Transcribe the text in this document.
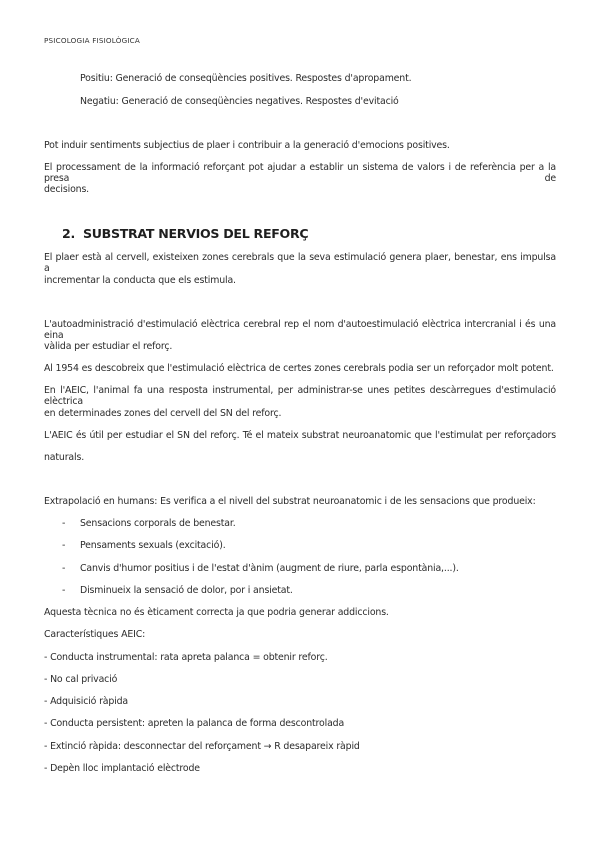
PSICOLOGIA FISIOLÒGICA
Positiu: Generació de conseqüències positives. Respostes d'apropament.
Negatiu: Generació de conseqüències negatives. Respostes d'evitació
Pot induir sentiments subjectius de plaer i contribuir a la generació d'emocions positives.
El processament de la informació reforçant pot ajudar a establir un sistema de valors i de referència per a la presa de
decisions.
2. SUBSTRAT NERVIOS DEL REFORÇ
El plaer està al cervell, existeixen zones cerebrals que la seva estimulació genera plaer, benestar, ens impulsa a
incrementar la conducta que els estimula.
L'autoadministració d'estimulació elèctrica cerebral rep el nom d'autoestimulació elèctrica intercranial i és una eina
vàlida per estudiar el reforç.
Al 1954 es descobreix que l'estimulació elèctrica de certes zones cerebrals podia ser un reforçador molt potent.
En l'AEIC, l'animal fa una resposta instrumental, per administrar-se unes petites descàrregues d'estimulació elèctrica
en determinades zones del cervell del SN del reforç.
L'AEIC és útil per estudiar el SN del reforç. Té el mateix substrat neuroanatomic que l'estimulat per reforçadors
naturals.
Extrapolació en humans: Es verifica a el nivell del substrat neuroanatomic i de les sensacions que produeix:
- Sensacions corporals de benestar.
- Pensaments sexuals (excitació).
- Canvis d'humor positius i de l'estat d'ànim (augment de riure, parla espontània,...).
- Disminueix la sensació de dolor, por i ansietat.
Aquesta tècnica no és èticament correcta ja que podria generar addiccions.
Característiques AEIC:
- Conducta instrumental: rata apreta palanca = obtenir reforç.
- No cal privació
- Adquisició ràpida
- Conducta persistent: apreten la palanca de forma descontrolada
- Extinció ràpida: desconnectar del reforçament → R desapareix ràpid
- Depèn lloc implantació elèctrode
